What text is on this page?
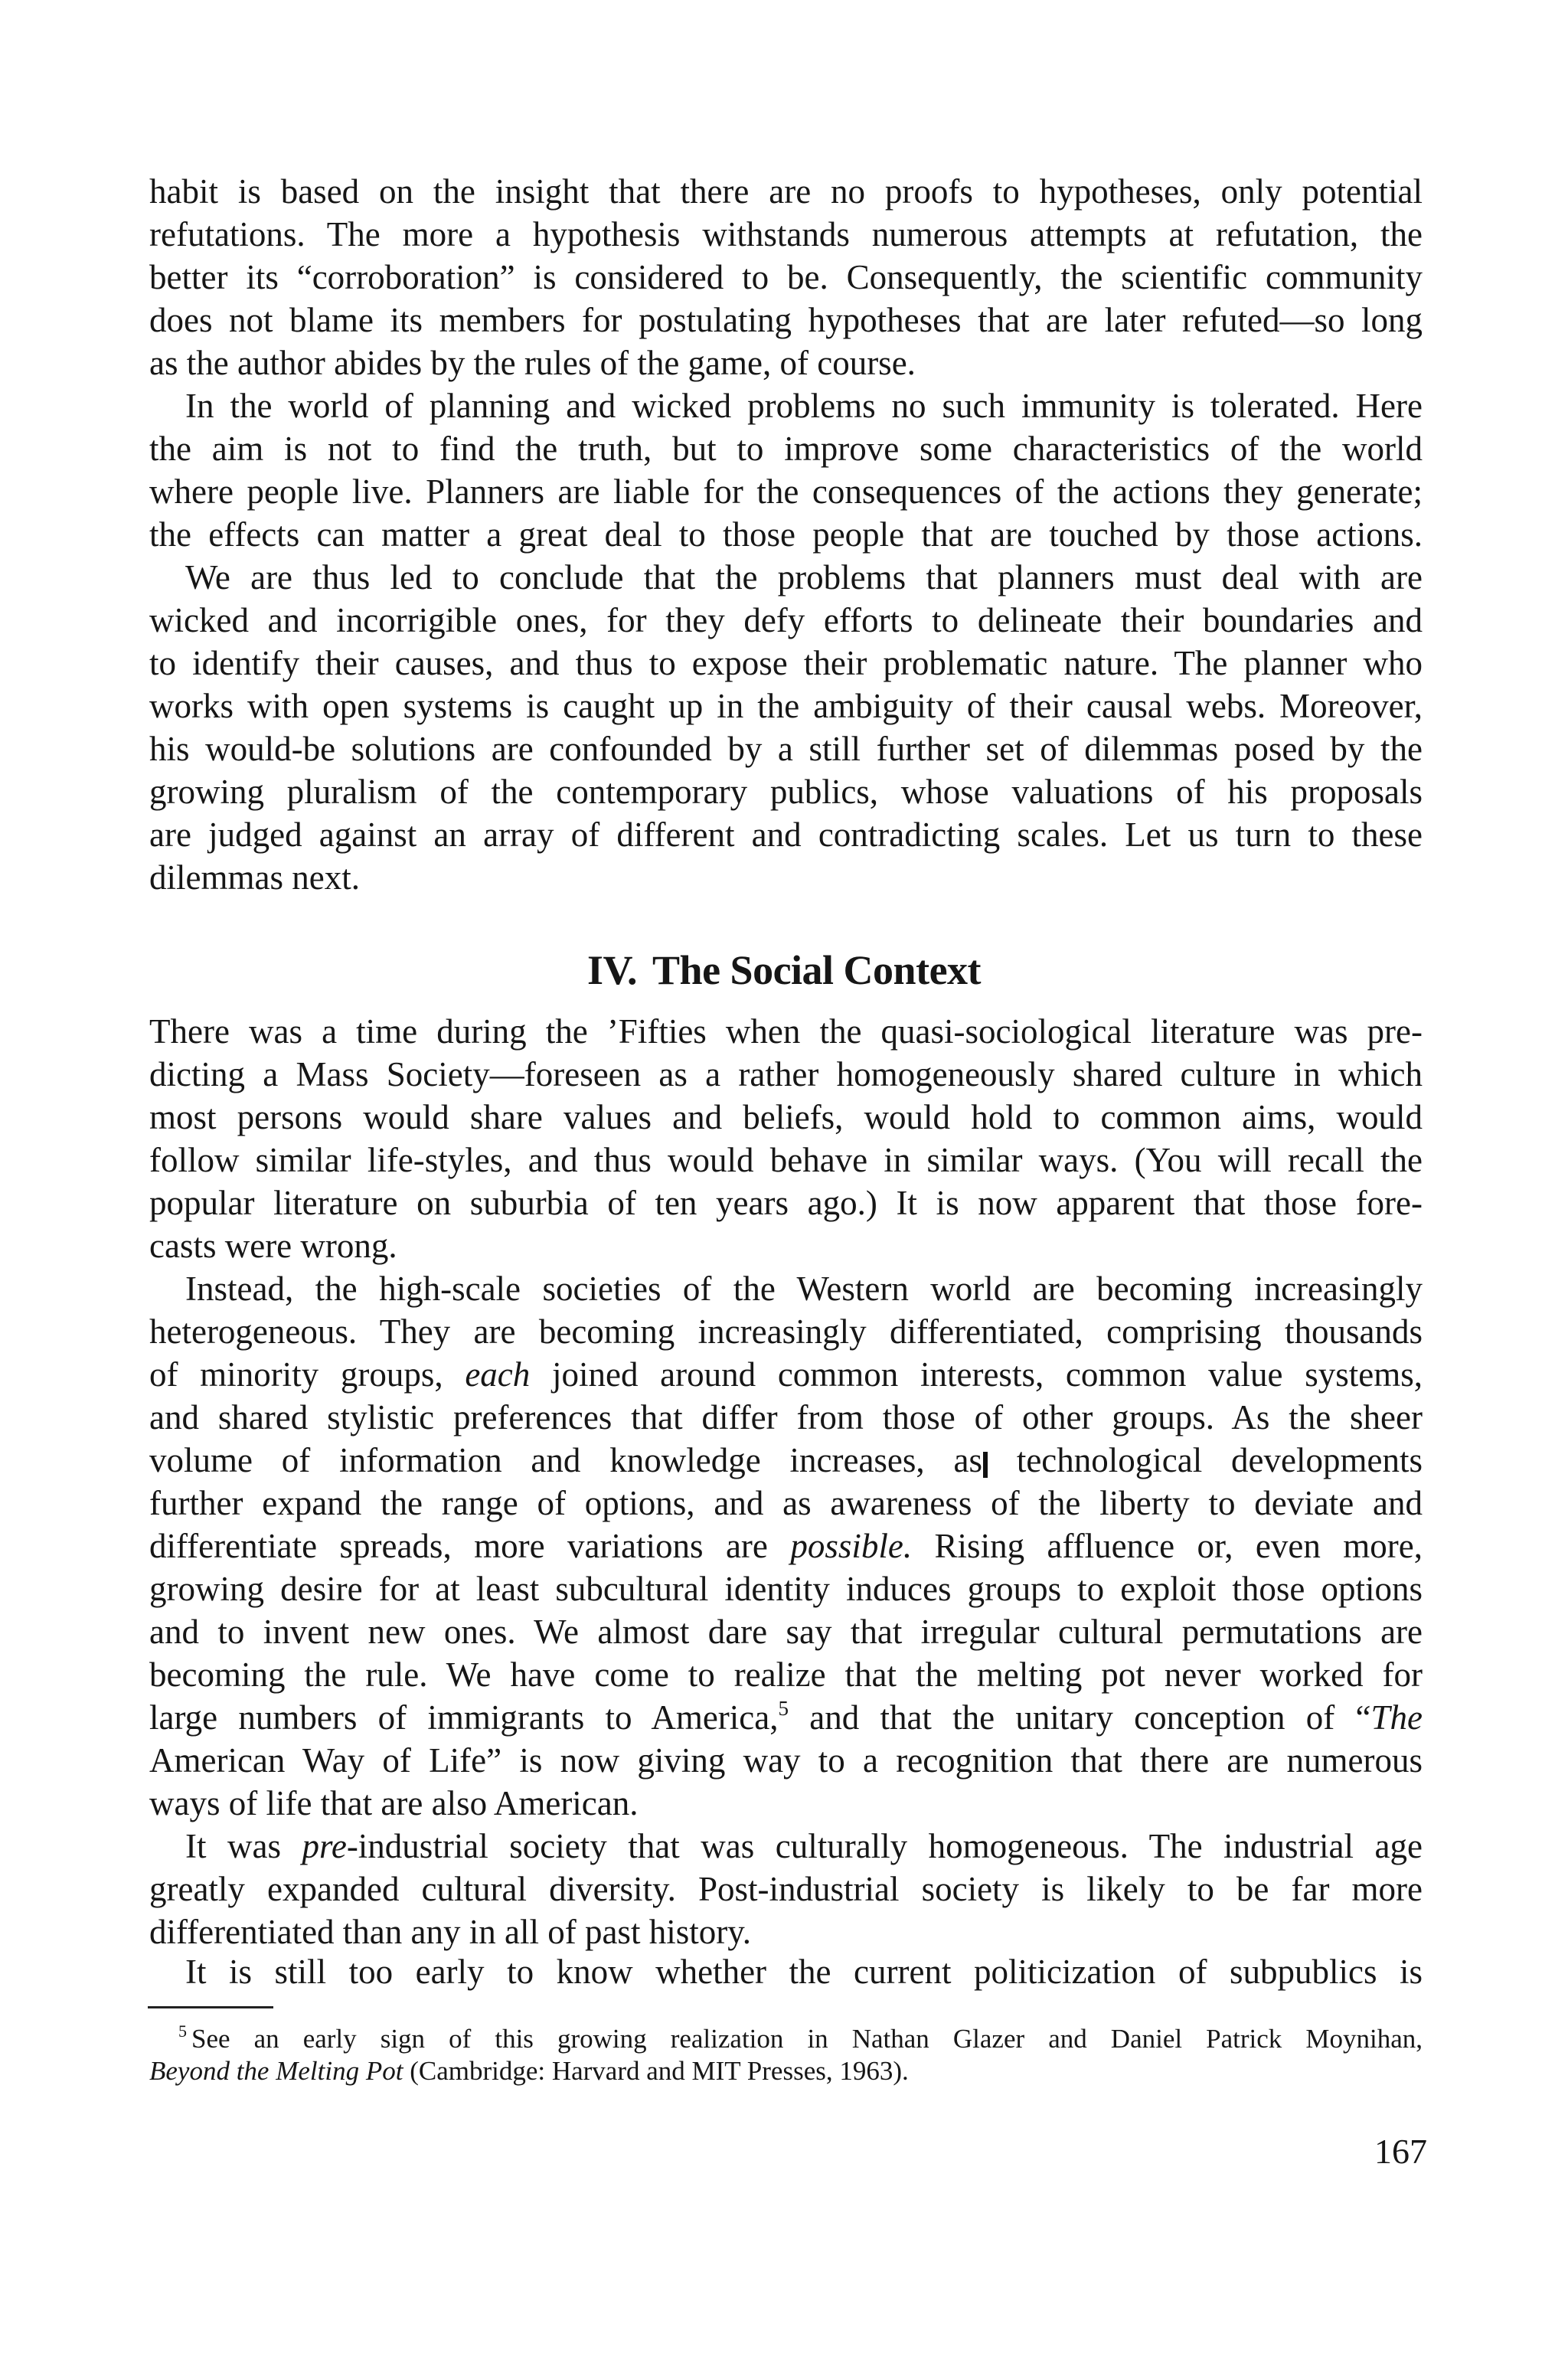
habit is based on the insight that there are no proofs to hypotheses, only potential
refutations. The more a hypothesis withstands numerous attempts at refutation, the
better its “corroboration” is considered to be. Consequently, the scientific community
does not blame its members for postulating hypotheses that are later refuted—so long
as the author abides by the rules of the game, of course.
In the world of planning and wicked problems no such immunity is tolerated. Here
the aim is not to find the truth, but to improve some characteristics of the world
where people live. Planners are liable for the consequences of the actions they generate;
the effects can matter a great deal to those people that are touched by those actions.
We are thus led to conclude that the problems that planners must deal with are
wicked and incorrigible ones, for they defy efforts to delineate their boundaries and
to identify their causes, and thus to expose their problematic nature. The planner who
works with open systems is caught up in the ambiguity of their causal webs. Moreover,
his would-be solutions are confounded by a still further set of dilemmas posed by the
growing pluralism of the contemporary publics, whose valuations of his proposals
are judged against an array of different and contradicting scales. Let us turn to these
dilemmas next.
IV. The Social Context
There was a time during the ’Fifties when the quasi-sociological literature was pre-
dicting a Mass Society—foreseen as a rather homogeneously shared culture in which
most persons would share values and beliefs, would hold to common aims, would
follow similar life-styles, and thus would behave in similar ways. (You will recall the
popular literature on suburbia of ten years ago.) It is now apparent that those fore-
casts were wrong.
Instead, the high-scale societies of the Western world are becoming increasingly
heterogeneous. They are becoming increasingly differentiated, comprising thousands
of minority groups, each joined around common interests, common value systems,
and shared stylistic preferences that differ from those of other groups. As the sheer
volume of information and knowledge increases, as technological developments
further expand the range of options, and as awareness of the liberty to deviate and
differentiate spreads, more variations are possible. Rising affluence or, even more,
growing desire for at least subcultural identity induces groups to exploit those options
and to invent new ones. We almost dare say that irregular cultural permutations are
becoming the rule. We have come to realize that the melting pot never worked for
large numbers of immigrants to America,$^5$ and that the unitary conception of “The
American Way of Life” is now giving way to a recognition that there are numerous
ways of life that are also American.
It was pre-industrial society that was culturally homogeneous. The industrial age
greatly expanded cultural diversity. Post-industrial society is likely to be far more
differentiated than any in all of past history.
It is still too early to know whether the current politicization of subpublics is
$^5$ See an early sign of this growing realization in Nathan Glazer and Daniel Patrick Moynihan,
Beyond the Melting Pot (Cambridge: Harvard and MIT Presses, 1963).
167
